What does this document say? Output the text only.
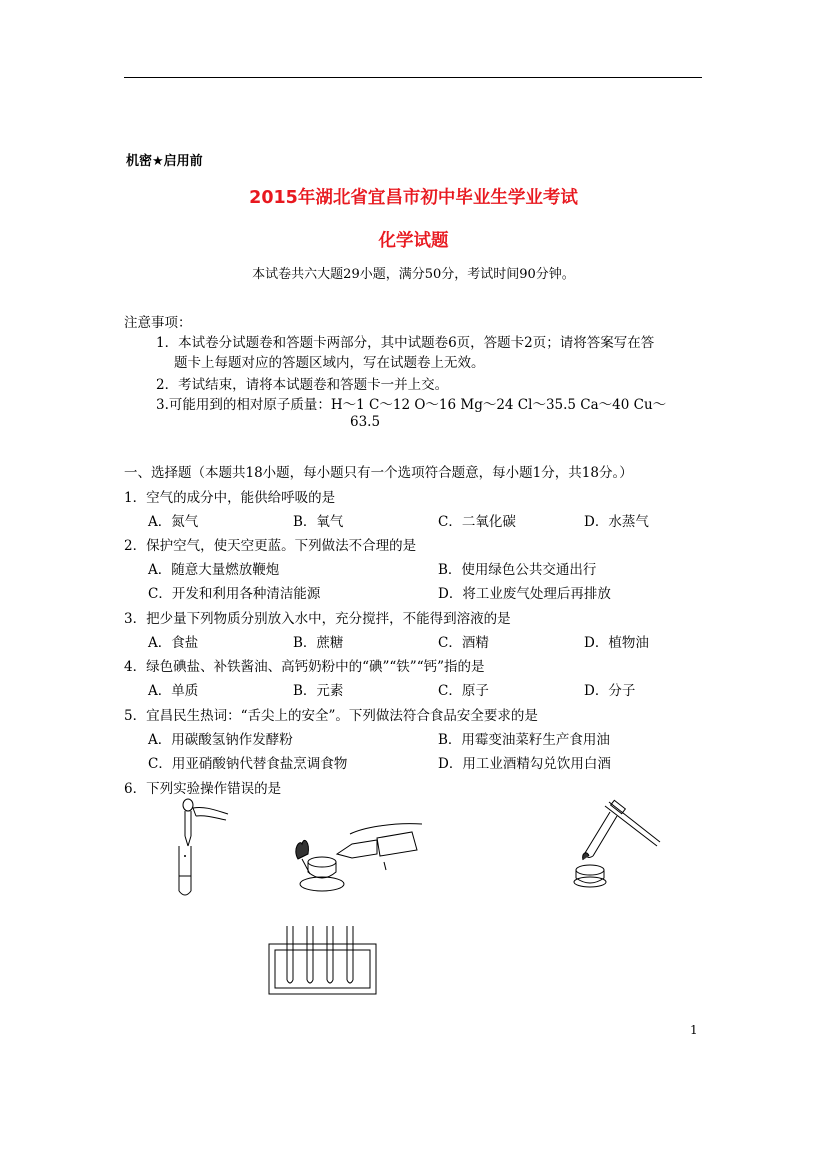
机密★启用前
2015年湖北省宜昌市初中毕业生学业考试
化学试题
本试卷共六大题29小题，满分50分，考试时间90分钟。
注意事项：
1．本试卷分试题卷和答题卡两部分，其中试题卷6页，答题卡2页；请将答案写在答
题卡上每题对应的答题区域内，写在试题卷上无效。
2．考试结束，请将本试题卷和答题卡一并上交。
3.可能用到的相对原子质量：H～1 C～12 O～16 Mg～24 Cl～35.5 Ca～40 Cu～
63.5
一、选择题（本题共18小题，每小题只有一个选项符合题意，每小题1分，共18分。）
1．空气的成分中，能供给呼吸的是
A．氮气	B．氧气	C．二氧化碳	D．水蒸气
2．保护空气，使天空更蓝。下列做法不合理的是
A．随意大量燃放鞭炮	B．使用绿色公共交通出行
C．开发和利用各种清洁能源	D．将工业废气处理后再排放
3．把少量下列物质分别放入水中，充分搅拌，不能得到溶液的是
A．食盐	B．蔗糖	C．酒精	D．植物油
4．绿色碘盐、补铁酱油、高钙奶粉中的“碘”“铁”“钙”指的是
A．单质	B．元素	C．原子	D．分子
5．宜昌民生热词：“舌尖上的安全”。下列做法符合食品安全要求的是
A．用碳酸氢钠作发酵粉	B．用霉变油菜籽生产食用油
C．用亚硝酸钠代替食盐烹调食物	D．用工业酒精勾兑饮用白酒
6．下列实验操作错误的是
1
